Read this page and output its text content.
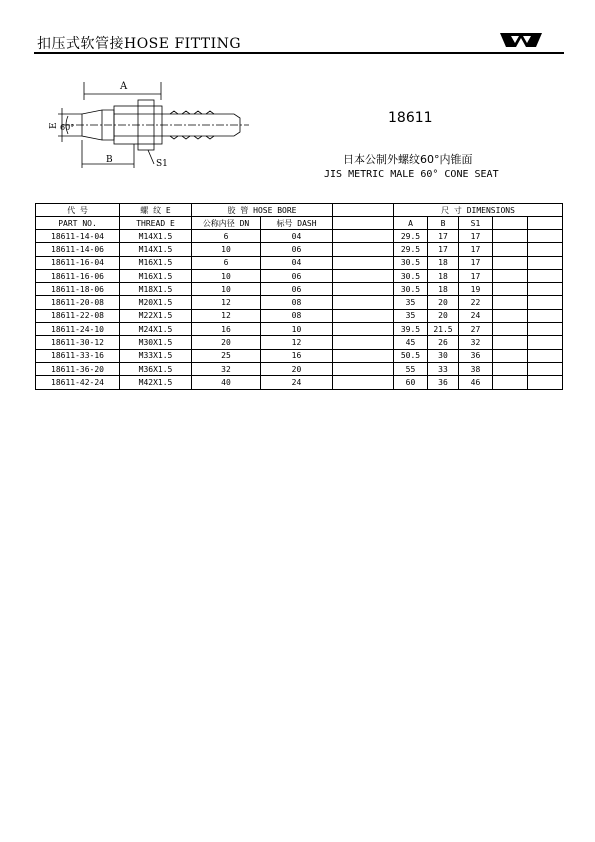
扣压式软管接HOSE FITTING
A
E 60°
B	S1
18611
日本公制外螺纹60°内锥面
JIS METRIC MALE 60° CONE SEAT
代 号	螺 纹 E	胶 管 HOSE BORE			尺 寸 DIMENSIONS				
PART NO.	THREAD E	公称内径 DN	标号 DASH		A	B	S1		
18611-14-04	M14X1.5	6	04		29.5	17	17		
18611-14-06	M14X1.5	10	06		29.5	17	17		
18611-16-04	M16X1.5	6	04		30.5	18	17		
18611-16-06	M16X1.5	10	06		30.5	18	17		
18611-18-06	M18X1.5	10	06		30.5	18	19		
18611-20-08	M20X1.5	12	08		35	20	22		
18611-22-08	M22X1.5	12	08		35	20	24		
18611-24-10	M24X1.5	16	10		39.5	21.5	27		
18611-30-12	M30X1.5	20	12		45	26	32		
18611-33-16	M33X1.5	25	16		50.5	30	36		
18611-36-20	M36X1.5	32	20		55	33	38		
18611-42-24	M42X1.5	40	24		60	36	46		
